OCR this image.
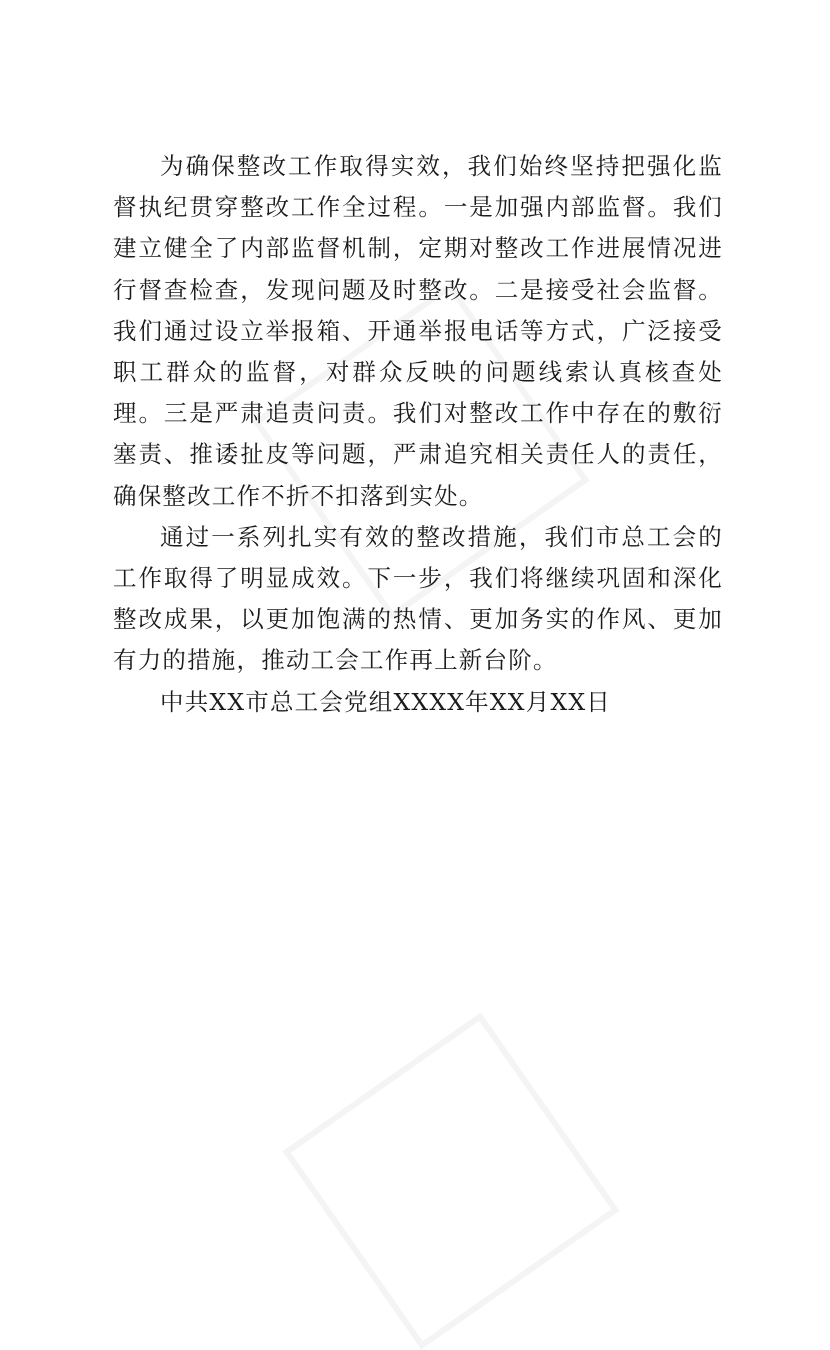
为确保整改工作取得实效，我们始终坚持把强化监督执纪贯穿整改工作全过程。一是加强内部监督。我们建立健全了内部监督机制，定期对整改工作进展情况进行督查检查，发现问题及时整改。二是接受社会监督。我们通过设立举报箱、开通举报电话等方式，广泛接受职工群众的监督，对群众反映的问题线索认真核查处理。三是严肃追责问责。我们对整改工作中存在的敷衍塞责、推诿扯皮等问题，严肃追究相关责任人的责任，确保整改工作不折不扣落到实处。

通过一系列扎实有效的整改措施，我们市总工会的工作取得了明显成效。下一步，我们将继续巩固和深化整改成果，以更加饱满的热情、更加务实的作风、更加有力的措施，推动工会工作再上新台阶。

中共XX市总工会党组XXXX年XX月XX日
